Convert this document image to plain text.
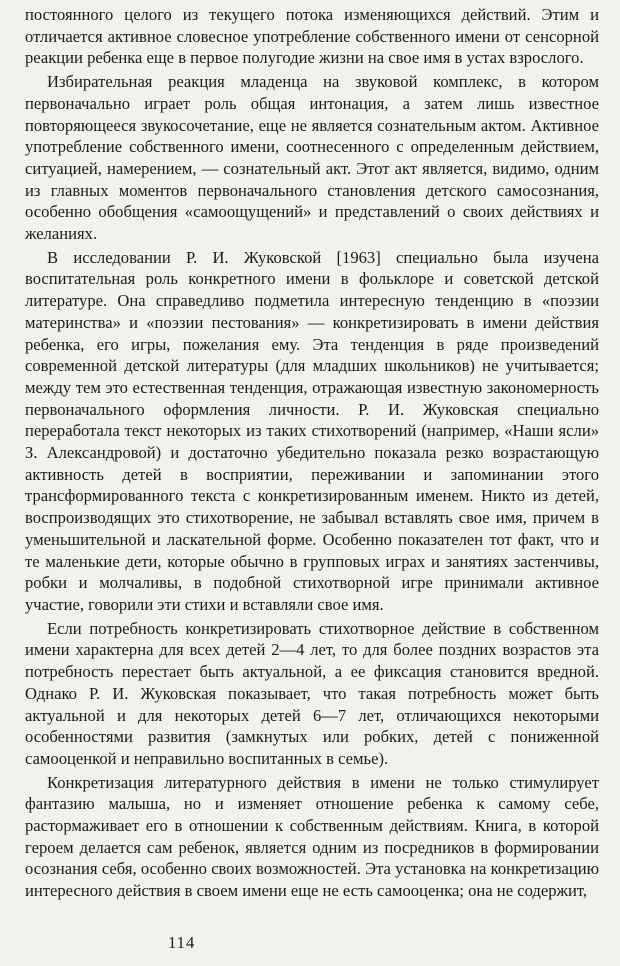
постоянного целого из текущего потока изменяющихся действий. Этим и отличается активное словесное употребление собственного имени от сенсорной реакции ребенка еще в первое полугодие жизни на свое имя в устах взрослого.

Избирательная реакция младенца на звуковой комплекс, в котором первоначально играет роль общая интонация, а затем лишь известное повторяющееся звукосочетание, еще не является сознательным актом. Активное употребление собственного имени, соотнесенного с определенным действием, ситуацией, намерением, — сознательный акт. Этот акт является, видимо, одним из главных моментов первоначального становления детского самосознания, особенно обобщения «самоощущений» и представлений о своих действиях и желаниях.

В исследовании Р. И. Жуковской [1963] специально была изучена воспитательная роль конкретного имени в фольклоре и советской детской литературе. Она справедливо подметила интересную тенденцию в «поэзии материнства» и «поэзии пестования» — конкретизировать в имени действия ребенка, его игры, пожелания ему. Эта тенденция в ряде произведений современной детской литературы (для младших школьников) не учитывается; между тем это естественная тенденция, отражающая известную закономерность первоначального оформления личности. Р. И. Жуковская специально переработала текст некоторых из таких стихотворений (например, «Наши ясли» З. Александровой) и достаточно убедительно показала резко возрастающую активность детей в восприятии, переживании и запоминании этого трансформированного текста с конкретизированным именем. Никто из детей, воспроизводящих это стихотворение, не забывал вставлять свое имя, причем в уменьшительной и ласкательной форме. Особенно показателен тот факт, что и те маленькие дети, которые обычно в групповых играх и занятиях застенчивы, робки и молчаливы, в подобной стихотворной игре принимали активное участие, говорили эти стихи и вставляли свое имя.

Если потребность конкретизировать стихотворное действие в собственном имени характерна для всех детей 2—4 лет, то для более поздних возрастов эта потребность перестает быть актуальной, а ее фиксация становится вредной. Однако Р. И. Жуковская показывает, что такая потребность может быть актуальной и для некоторых детей 6—7 лет, отличающихся некоторыми особенностями развития (замкнутых или робких, детей с пониженной самооценкой и неправильно воспитанных в семье).

Конкретизация литературного действия в имени не только стимулирует фантазию малыша, но и изменяет отношение ребенка к самому себе, растормаживает его в отношении к собственным действиям. Книга, в которой героем делается сам ребенок, является одним из посредников в формировании осознания себя, особенно своих возможностей. Эта установка на конкретизацию интересного действия в своем имени еще не есть самооценка; она не содержит,

114
